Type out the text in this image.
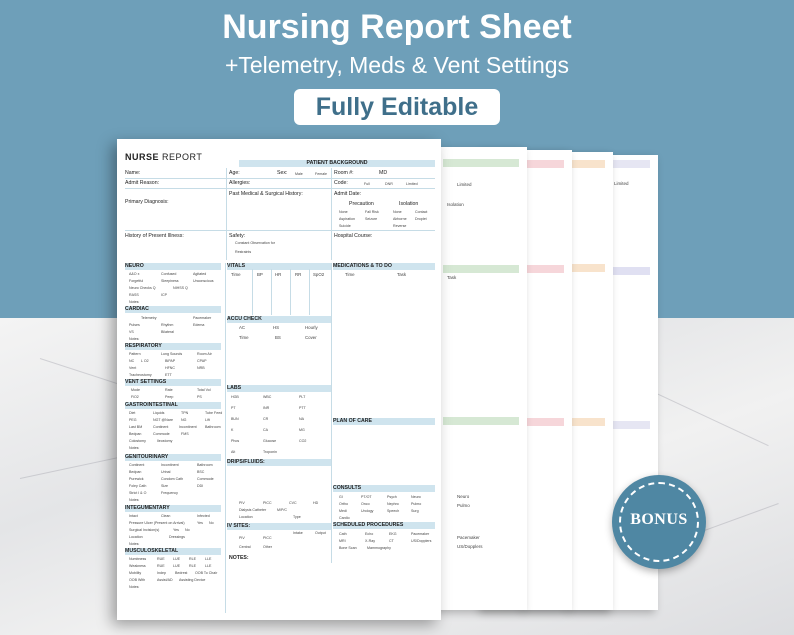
Nursing Report Sheet
+Telemetry, Meds & Vent Settings
Fully Editable
Limited
Limited
Isolation
Task
Neuro
Pulmo
Pacemaker
US/Dopplers
NURSE REPORT
PATIENT BACKGROUND
Name:	Age:	Sex: Male	Female Room #:	MD
Admit Reason:	Allergies:	Code:	Full	DNR	Limited
Past Medical & Surgical History:	Admit Date:
Primary Diagnosis:	Precaution	Isolation
None	Fall Risk	None	Contact
Aspiration	Seizure	Airborne Droplet
Suicide	Reverse
History of Present Illness:	Safety:
Constant Observation for
Restraints
Hospital Course:
NEURO
A&O x	Confused	Agitated
Forgetful	Sleepiness	Unconscious
Neuro Checks Q	NIHSS Q
RASS	ICP
Notes:
CARDIAC
Telemetry	Pacemaker
Pulses	Rhythm	Edema
VS	Bilateral
Notes:
RESPIRATORY
Pattern	Lung Sounds	Room Air
NC L O2	BiPAP	CPAP
Vent	HFNC	NRB
Tracheostomy	ETT
VENT SETTINGS
Mode	Rate	Total Vol
FiO2	Peep	PS
GASTROINTESTINAL
Diet	Liquids	TPN	Tube Feed
PEG	NGT @Nare NG	Lift
Last BM	Continent	Incontinent Bathroom
Bedpan	Commode	FMS
Colostomy	Ileostomy
Notes:
GENITOURINARY
Continent	Incontinent	Bathroom
Bedpan	Urinal	BSC
Purewick	Condom Cath	Commode
Foley Cath	Size	DDI
Strict I & O	Frequency
Notes:
INTEGUMENTARY
Intact	Clean	Infected
Pressure Ulcer (Present on Arrival)	Yes No
Surgical Incision(s)	Yes No
Location	Dressings
Notes:
MUSCULOSKELETAL
Numbness	RUE LUE	RLE	LLE
Weakness	RUE LUE	RLE	LLE
Mobility	Indep	Bedrest OOB To Chair
OOB With	Assist/AD Assisting Device
Notes:
VITALS
Time	BP	HR	RR	SpO2
ACCU CHECK
AC	HS	Hourly
Time	BS	Cover
LABS
HGB	WBC	PLT
PT	INR	PTT
BUN	CR	NA
K	CA	MG
Phos	Glucose	CO2
Alt	Troponin
DRIPS/FLUIDS:
PIV	PICC	CVC	HD
Dialysis Catheter	M/P/C
Location	Type
IV SITES:
Intake	Output
PIV	PICC
Central	Other
NOTES:
MEDICATIONS & TO DO
Time	Task
PLAN OF CARE
CONSULTS
GI	PT/OT	Psych	Neuro
Ortho	Onco	Nephro	Pulmo
Medi	Urology	Speech	Surg
Cardio
SCHEDULED PROCEDURES
Cath	Echo	EKG	Pacemaker
MRI	X-Ray	CT	US/Dopplers
Bone Scan	Mammography
BONUS
